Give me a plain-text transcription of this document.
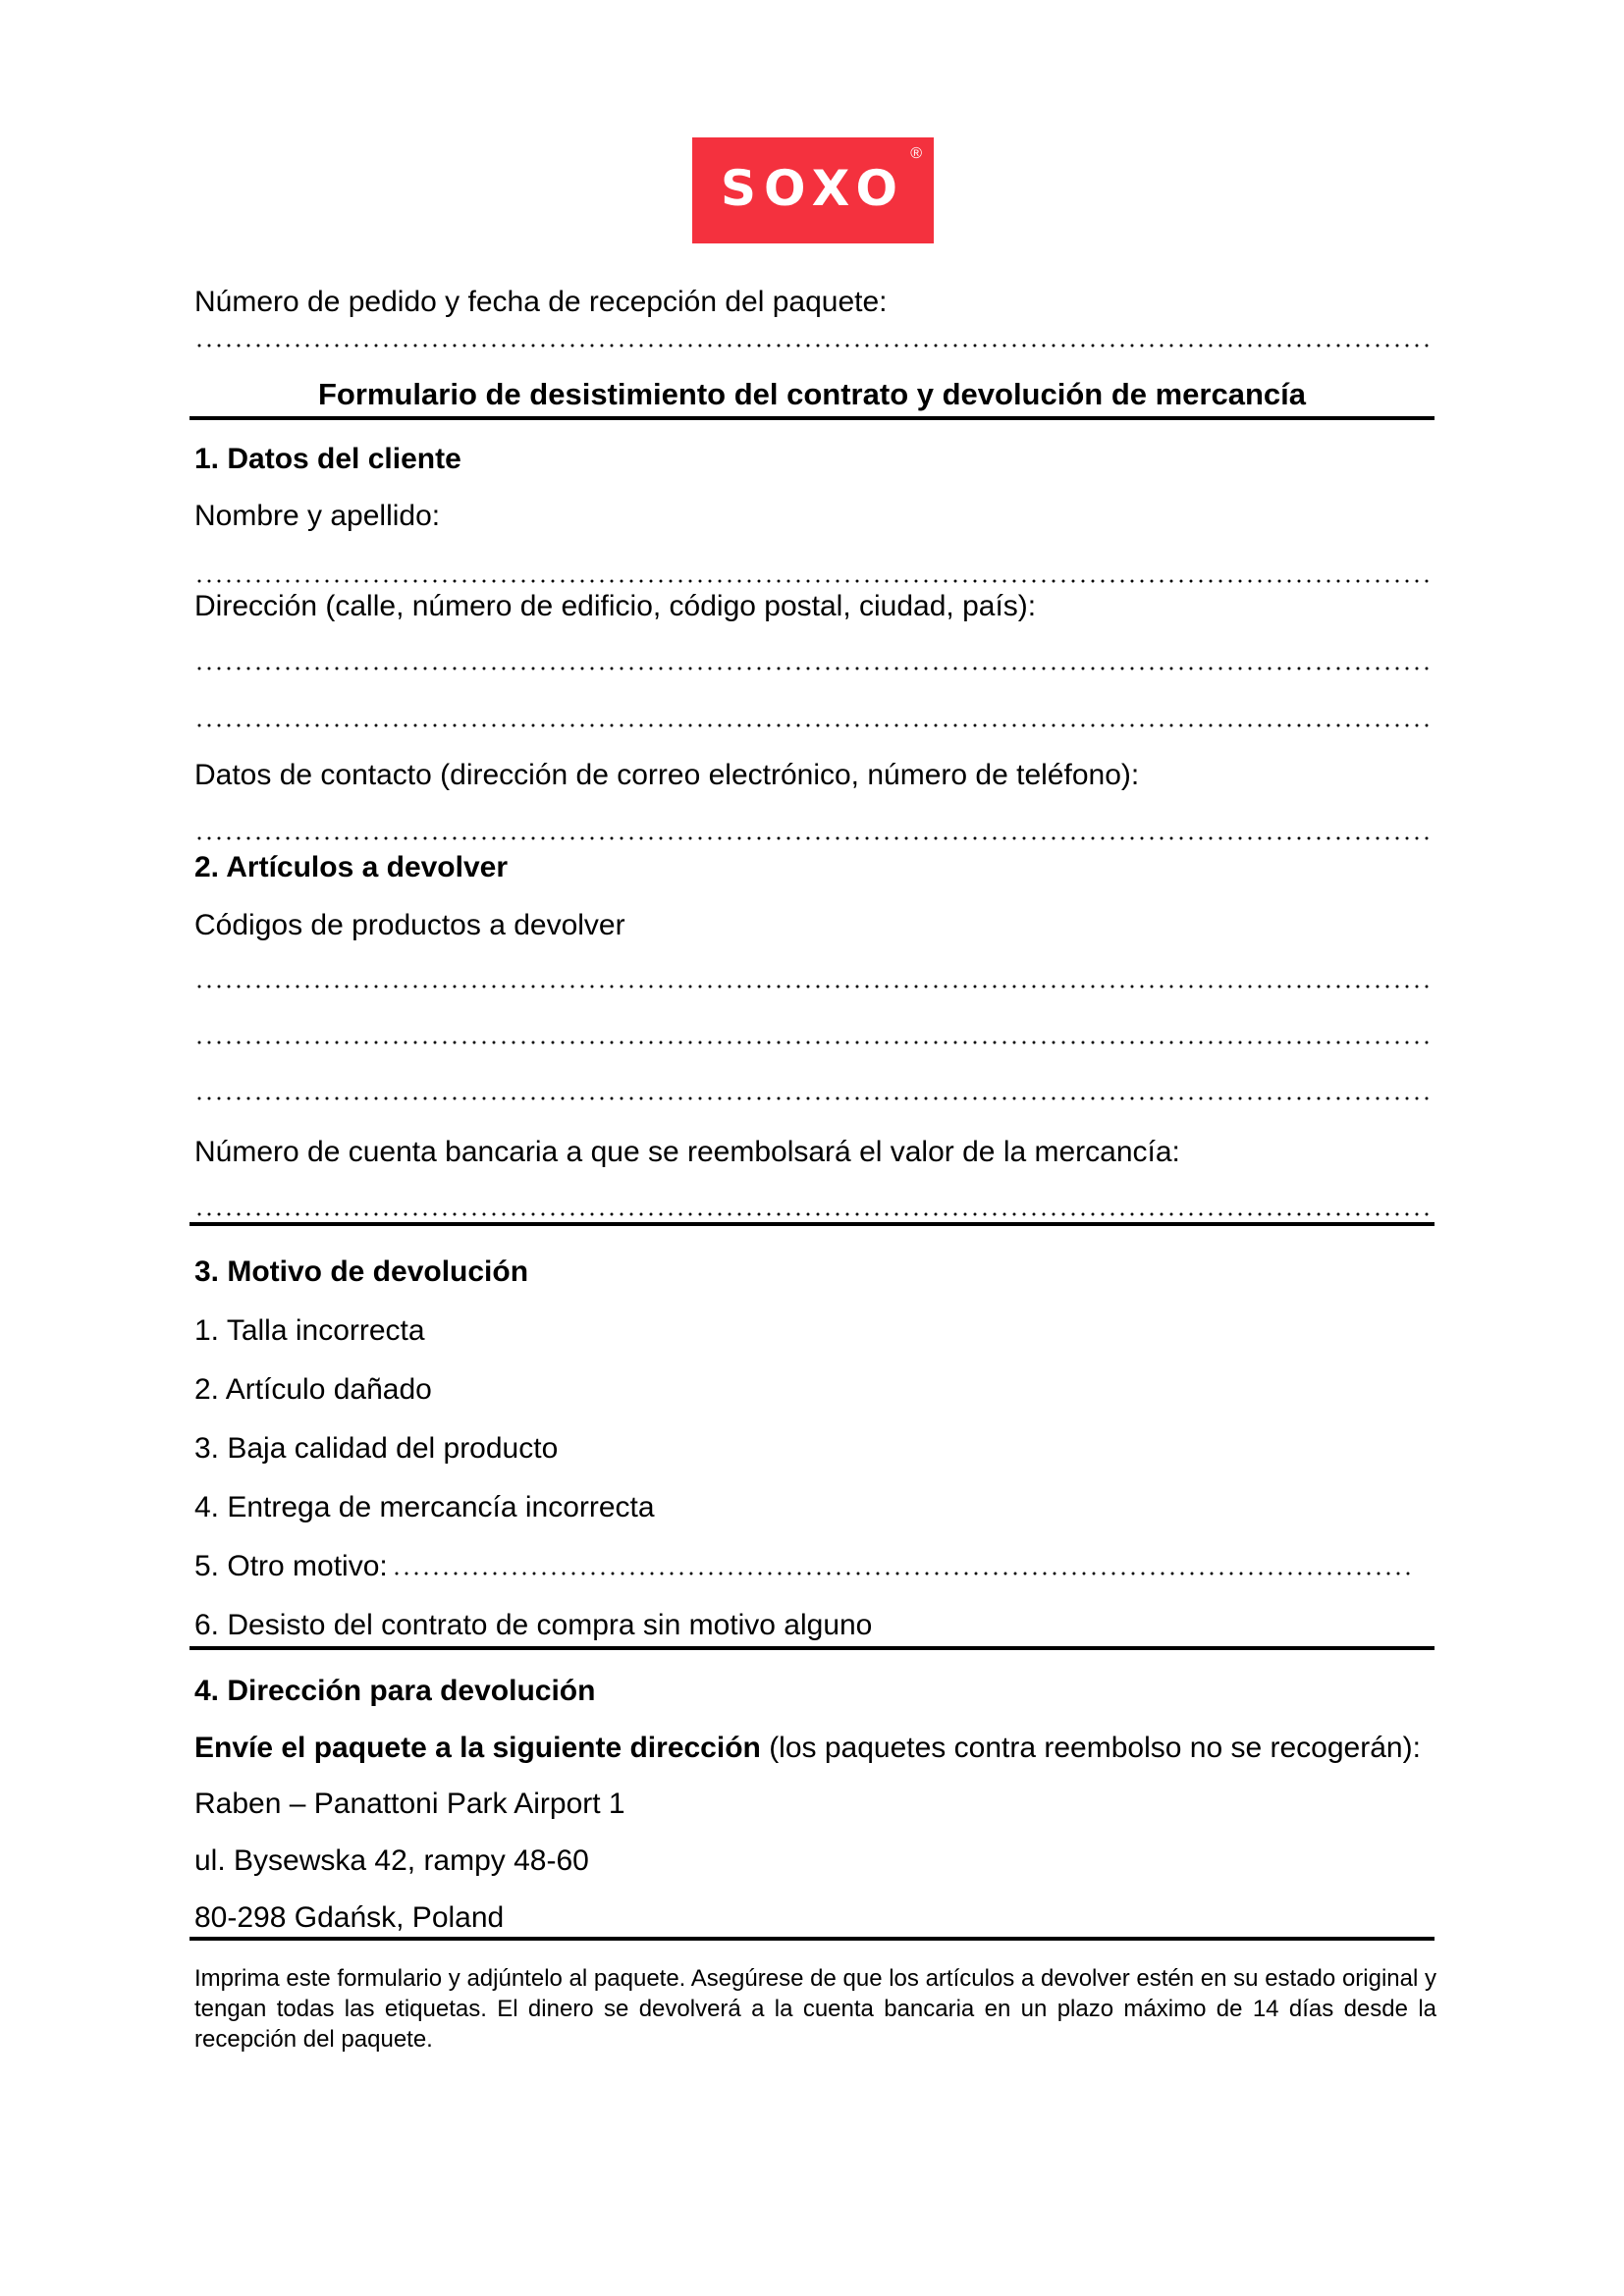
SOXO
®
Número de pedido y fecha de recepción del paquete:
Formulario de desistimiento del contrato y devolución de mercancía
1. Datos del cliente
Nombre y apellido:
Dirección (calle, número de edificio, código postal, ciudad, país):
Datos de contacto (dirección de correo electrónico, número de teléfono):
2. Artículos a devolver
Códigos de productos a devolver
Número de cuenta bancaria a que se reembolsará el valor de la mercancía:
3. Motivo de devolución
1. Talla incorrecta
2. Artículo dañado
3. Baja calidad del producto
4. Entrega de mercancía incorrecta
5. Otro motivo:
6. Desisto del contrato de compra sin motivo alguno
4. Dirección para devolución
Envíe el paquete a la siguiente dirección (los paquetes contra reembolso no se recogerán):
Raben – Panattoni Park Airport 1
ul. Bysewska 42, rampy 48-60
80-298 Gdańsk, Poland
Imprima este formulario y adjúntelo al paquete. Asegúrese de que los artículos a devolver estén en su estado original y tengan todas las etiquetas. El dinero se devolverá a la cuenta bancaria en un plazo máximo de 14 días desde la recepción del paquete.
